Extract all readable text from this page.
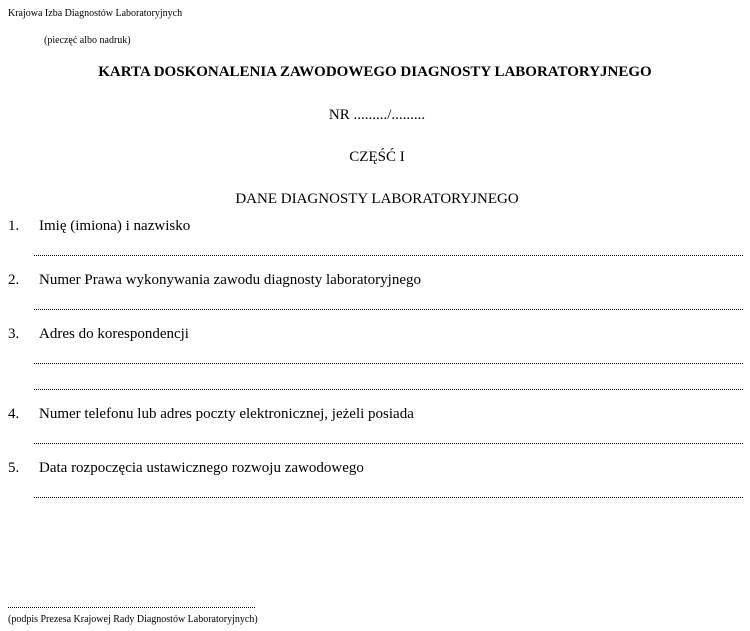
Krajowa Izba Diagnostów Laboratoryjnych
(pieczęć albo nadruk)
KARTA DOSKONALENIA ZAWODOWEGO DIAGNOSTY LABORATORYJNEGO
NR ........./.........
CZĘŚĆ I
DANE DIAGNOSTY LABORATORYJNEGO
1. Imię (imiona) i nazwisko
2. Numer Prawa wykonywania zawodu diagnosty laboratoryjnego
3. Adres do korespondencji
4. Numer telefonu lub adres poczty elektronicznej, jeżeli posiada
5. Data rozpoczęcia ustawicznego rozwoju zawodowego
(podpis Prezesa Krajowej Rady Diagnostów Laboratoryjnych)
